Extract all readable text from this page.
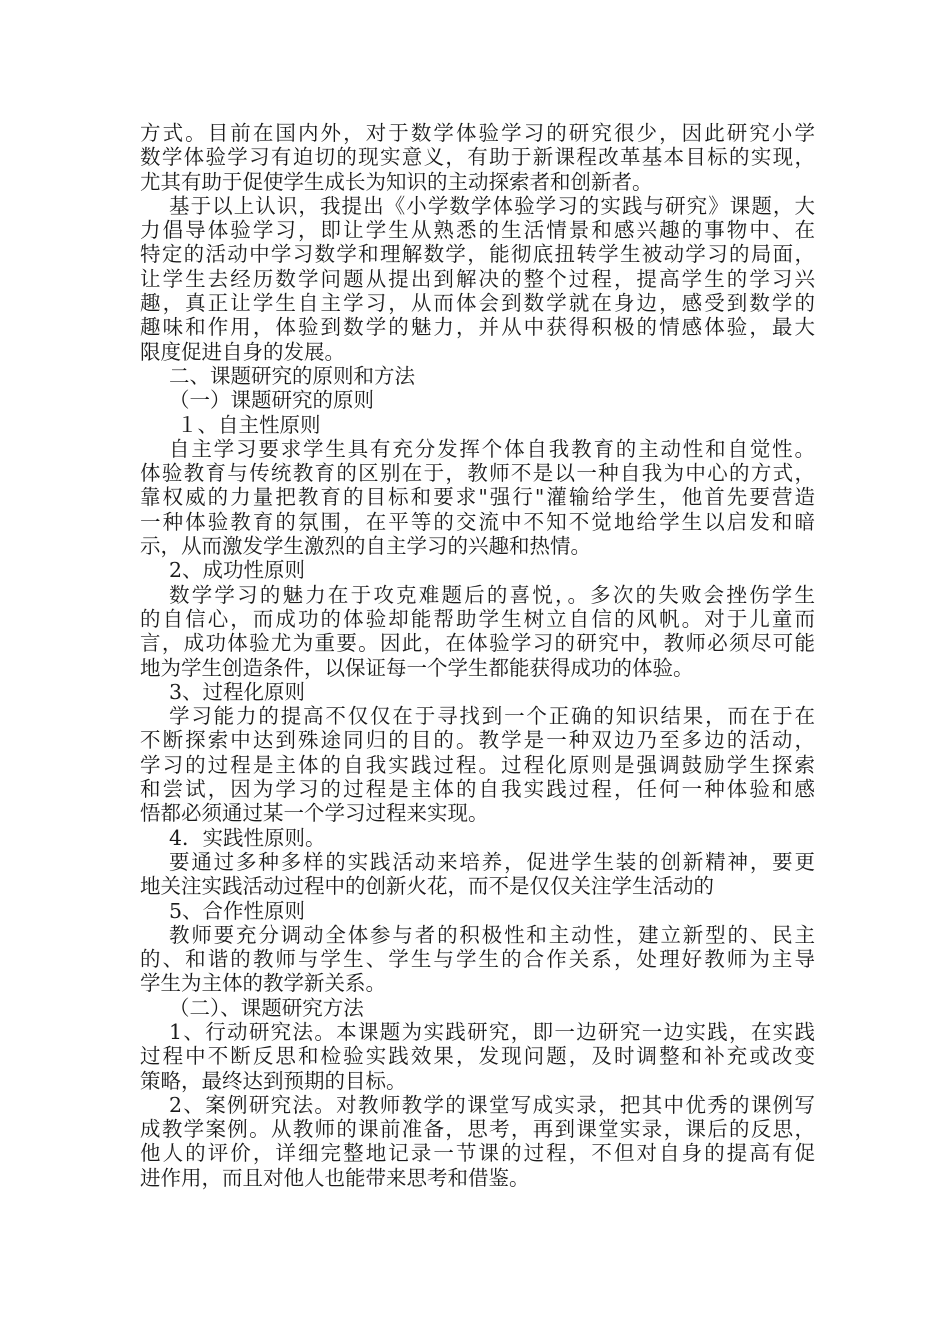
方式。目前在国内外，对于数学体验学习的研究很少，因此研究小学
数学体验学习有迫切的现实意义，有助于新课程改革基本目标的实现，
尤其有助于促使学生成长为知识的主动探索者和创新者。
基于以上认识，我提出《小学数学体验学习的实践与研究》课题，大
力倡导体验学习，即让学生从熟悉的生活情景和感兴趣的事物中、在
特定的活动中学习数学和理解数学，能彻底扭转学生被动学习的局面，
让学生去经历数学问题从提出到解决的整个过程，提高学生的学习兴
趣，真正让学生自主学习，从而体会到数学就在身边，感受到数学的
趣味和作用，体验到数学的魅力，并从中获得积极的情感体验，最大
限度促进自身的发展。
二、课题研究的原则和方法
（一）课题研究的原则
１、自主性原则
自主学习要求学生具有充分发挥个体自我教育的主动性和自觉性。
体验教育与传统教育的区别在于，教师不是以一种自我为中心的方式，
靠权威的力量把教育的目标和要求"强行"灌输给学生，他首先要营造
一种体验教育的氛围，在平等的交流中不知不觉地给学生以启发和暗
示，从而激发学生激烈的自主学习的兴趣和热情。
2、成功性原则
数学学习的魅力在于攻克难题后的喜悦，。多次的失败会挫伤学生
的自信心，而成功的体验却能帮助学生树立自信的风帆。对于儿童而
言，成功体验尤为重要。因此，在体验学习的研究中，教师必须尽可能
地为学生创造条件，以保证每一个学生都能获得成功的体验。
3、过程化原则
学习能力的提高不仅仅在于寻找到一个正确的知识结果，而在于在
不断探索中达到殊途同归的目的。教学是一种双边乃至多边的活动，
学习的过程是主体的自我实践过程。过程化原则是强调鼓励学生探索
和尝试，因为学习的过程是主体的自我实践过程，任何一种体验和感
悟都必须通过某一个学习过程来实现。
4．实践性原则。
要通过多种多样的实践活动来培养，促进学生装的创新精神，要更
地关注实践活动过程中的创新火花，而不是仅仅关注学生活动的
5、合作性原则
教师要充分调动全体参与者的积极性和主动性，建立新型的、民主
的、和谐的教师与学生、学生与学生的合作关系，处理好教师为主导
学生为主体的教学新关系。
（二）、课题研究方法
1、行动研究法。本课题为实践研究，即一边研究一边实践，在实践
过程中不断反思和检验实践效果，发现问题，及时调整和补充或改变
策略，最终达到预期的目标。
2、案例研究法。对教师教学的课堂写成实录，把其中优秀的课例写
成教学案例。从教师的课前准备，思考，再到课堂实录，课后的反思，
他人的评价，详细完整地记录一节课的过程，不但对自身的提高有促
进作用，而且对他人也能带来思考和借鉴。
